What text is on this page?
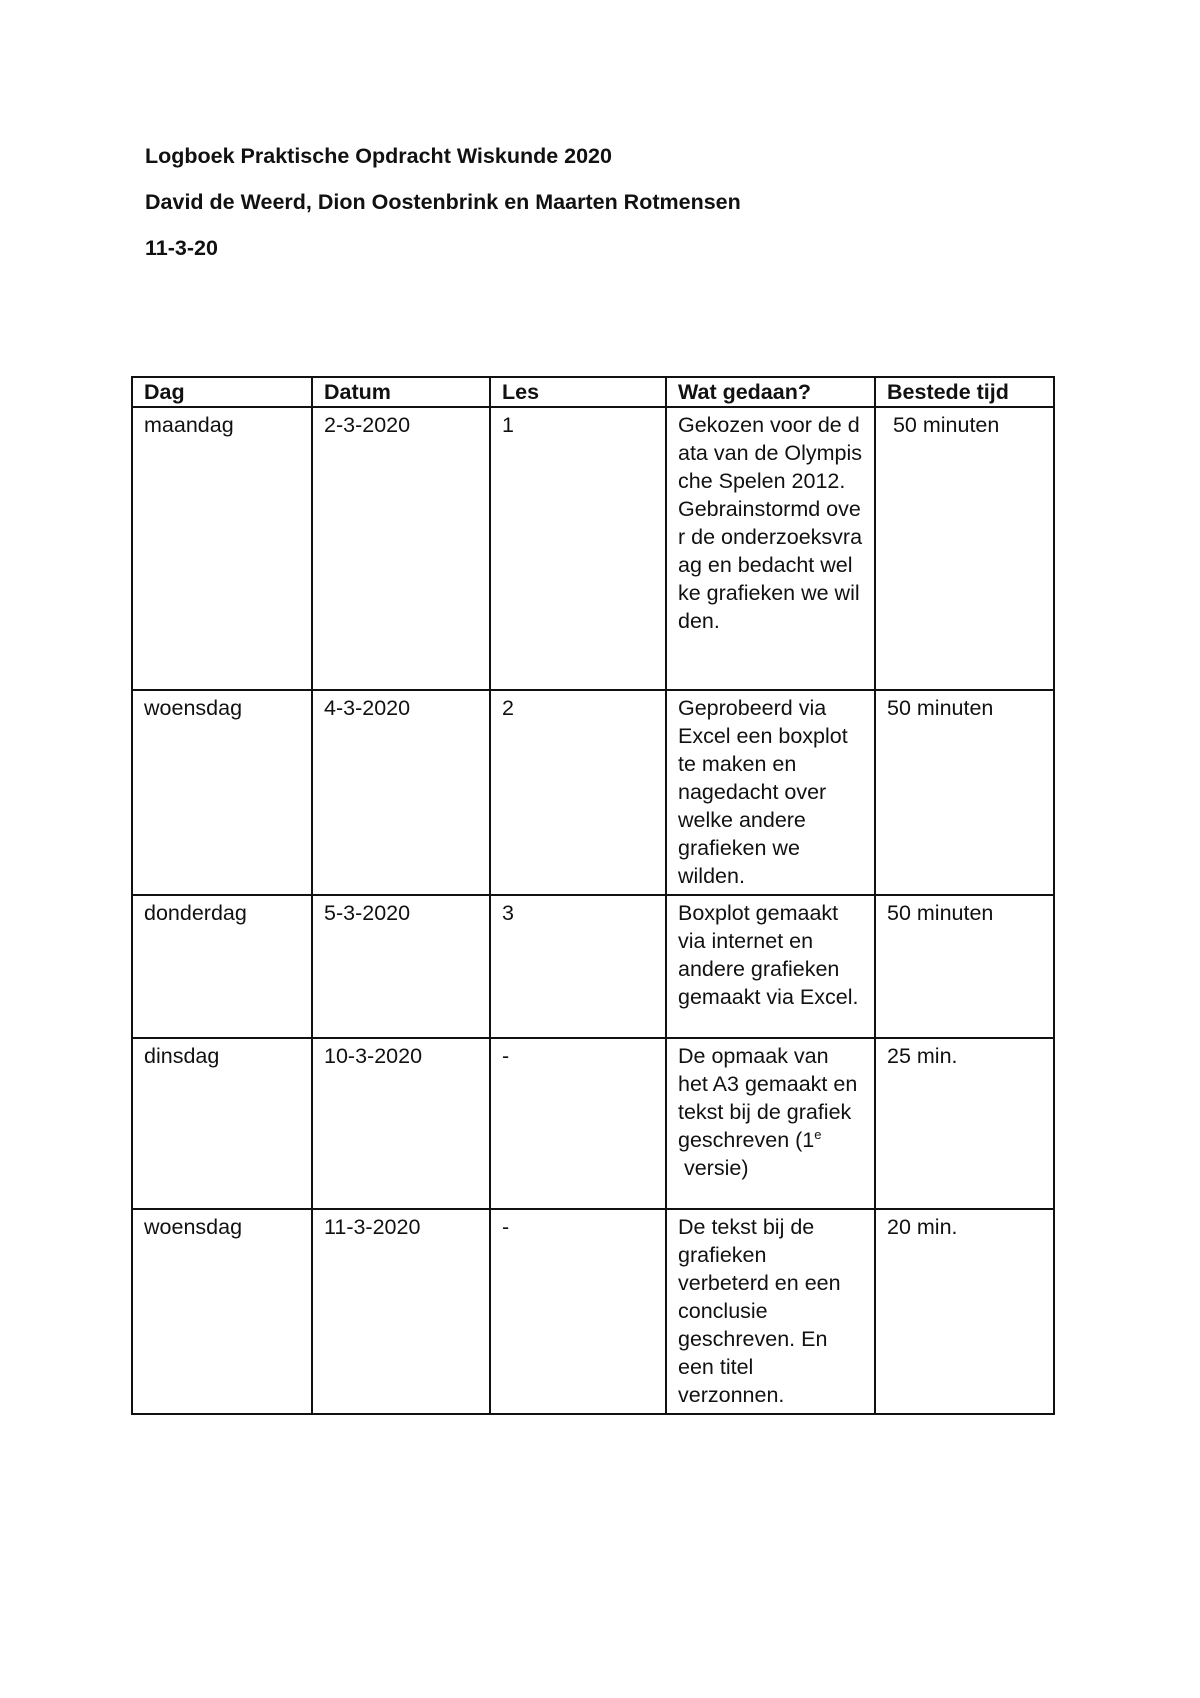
Logboek Praktische Opdracht Wiskunde 2020
David de Weerd, Dion Oostenbrink en Maarten Rotmensen
11-3-20
Dag	Datum	Les	Wat gedaan?	Bestede tijd
maandag	2-3-2020	1	Gekozen voor de data van de Olympische Spelen 2012. Gebrainstormd over de onderzoeksvraag en bedacht welke grafieken we wilden.	50 minuten
woensdag	4-3-2020	2	Geprobeerd via Excel een boxplot te maken en nagedacht over welke andere grafieken we wilden.	50 minuten
donderdag	5-3-2020	3	Boxplot gemaakt via internet en andere grafieken gemaakt via Excel.	50 minuten
dinsdag	10-3-2020	-	De opmaak van het A3 gemaakt en tekst bij de grafiek geschreven (1e versie)	25 min.
woensdag	11-3-2020	-	De tekst bij de grafieken verbeterd en een conclusie geschreven. En een titel verzonnen.	20 min.
